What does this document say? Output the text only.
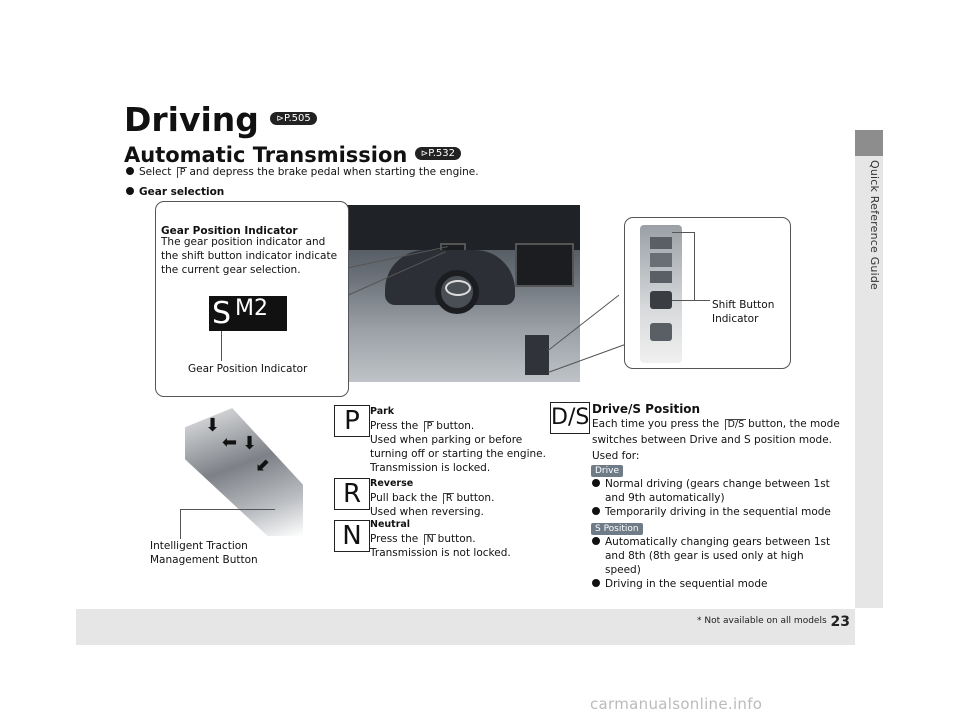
Quick Reference Guide
Driving ⊳P.505
Automatic Transmission ⊳P.532
Select P and depress the brake pedal when starting the engine.
Gear selection
Gear Position Indicator
The gear position indicator and the shift button indicator indicate the current gear selection.
S M2
Gear Position Indicator
Shift Button
Indicator
⬇
⬅ ⬇
⬋
Intelligent Traction
Management Button
P	Park
Press the P button.
Used when parking or before
turning off or starting the engine.
Transmission is locked.
R Reverse
Pull back the R button.
Used when reversing.
N Neutral
Press the N button.
Transmission is not locked.
D/S Drive/S Position
Each time you press the D/S button, the mode
switches between Drive and S position mode.
Used for:
Drive
Normal driving (gears change between 1st
and 9th automatically)
Temporarily driving in the sequential mode
S Position
Automatically changing gears between 1st
and 8th (8th gear is used only at high speed)
Driving in the sequential mode
* Not available on all models 23
carmanualsonline.info
